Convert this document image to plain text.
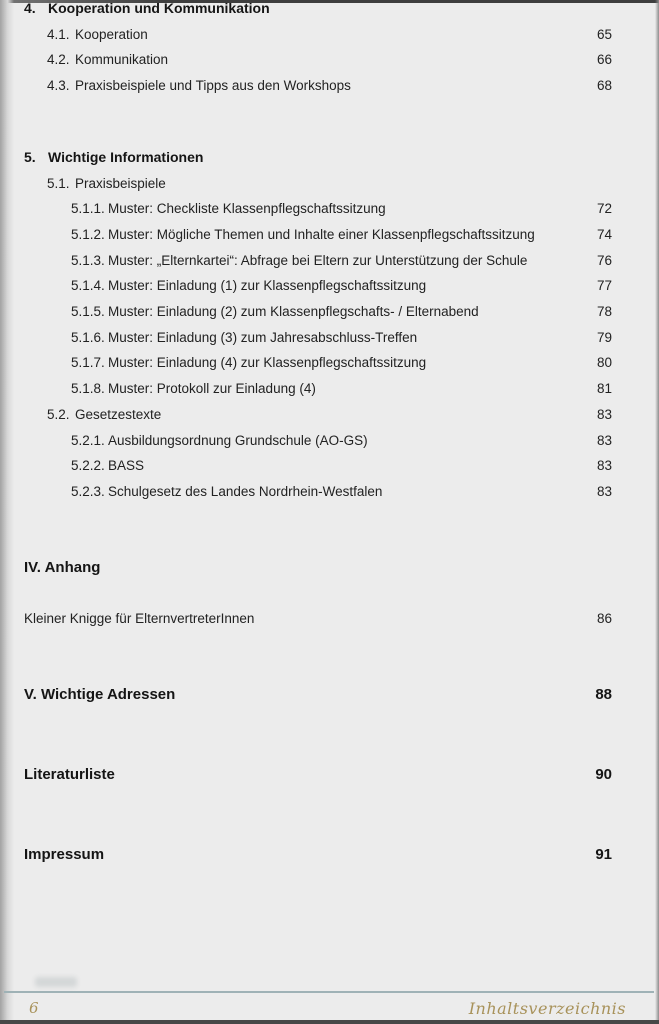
4. Kooperation und Kommunikation
4.1. Kooperation	65
4.2. Kommunikation	66
4.3. Praxisbeispiele und Tipps aus den Workshops	68
5. Wichtige Informationen
5.1. Praxisbeispiele
5.1.1. Muster: Checkliste Klassenpflegschaftssitzung	72
5.1.2. Muster: Mögliche Themen und Inhalte einer Klassenpflegschaftssitzung	74
5.1.3. Muster: „Elternkartei“: Abfrage bei Eltern zur Unterstützung der Schule	76
5.1.4. Muster: Einladung (1) zur Klassenpflegschaftssitzung	77
5.1.5. Muster: Einladung (2) zum Klassenpflegschafts- / Elternabend	78
5.1.6. Muster: Einladung (3) zum Jahresabschluss-Treffen	79
5.1.7. Muster: Einladung (4) zur Klassenpflegschaftssitzung	80
5.1.8. Muster: Protokoll zur Einladung (4)	81
5.2. Gesetzestexte	83
5.2.1. Ausbildungsordnung Grundschule (AO-GS)	83
5.2.2. BASS	83
5.2.3. Schulgesetz des Landes Nordrhein-Westfalen	83
IV. Anhang
Kleiner Knigge für ElternvertreterInnen	86
V. Wichtige Adressen	88
Literaturliste	90
Impressum	91
6	Inhaltsverzeichnis
